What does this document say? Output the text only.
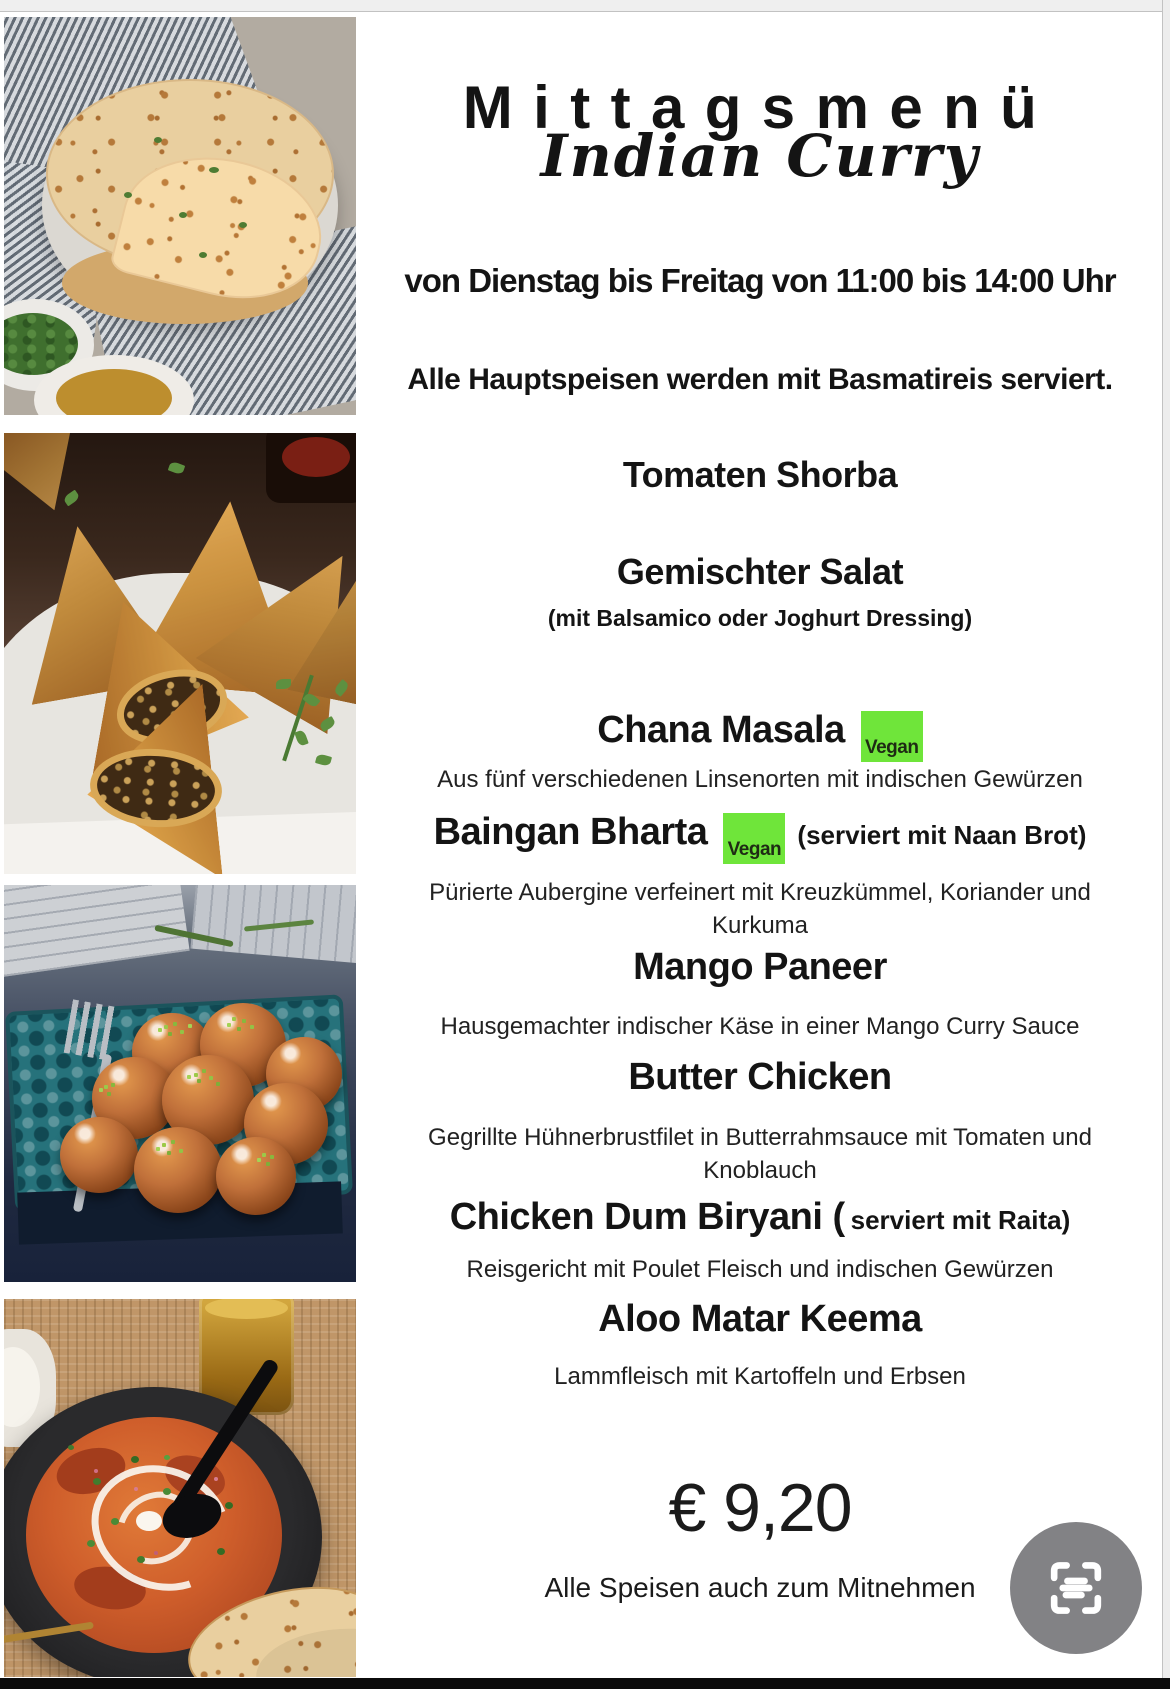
Mittagsmenü
Indian Curry
von Dienstag bis Freitag von 11:00 bis 14:00 Uhr
Alle Hauptspeisen werden mit Basmatireis serviert.
Tomaten Shorba
Gemischter Salat
(mit Balsamico oder Joghurt Dressing)
Chana Masala Vegan
Aus fünf verschiedenen Linsenorten mit indischen Gewürzen
Baingan Bharta Vegan (serviert mit Naan Brot)
Pürierte Aubergine verfeinert mit Kreuzkümmel, Koriander und Kurkuma
Mango Paneer
Hausgemachter indischer Käse in einer Mango Curry Sauce
Butter Chicken
Gegrillte Hühnerbrustfilet in Butterrahmsauce mit Tomaten und Knoblauch
Chicken Dum Biryani ( serviert mit Raita)
Reisgericht mit Poulet Fleisch und indischen Gewürzen
Aloo Matar Keema
Lammfleisch mit Kartoffeln und Erbsen
€ 9,20
Alle Speisen auch zum Mitnehmen
